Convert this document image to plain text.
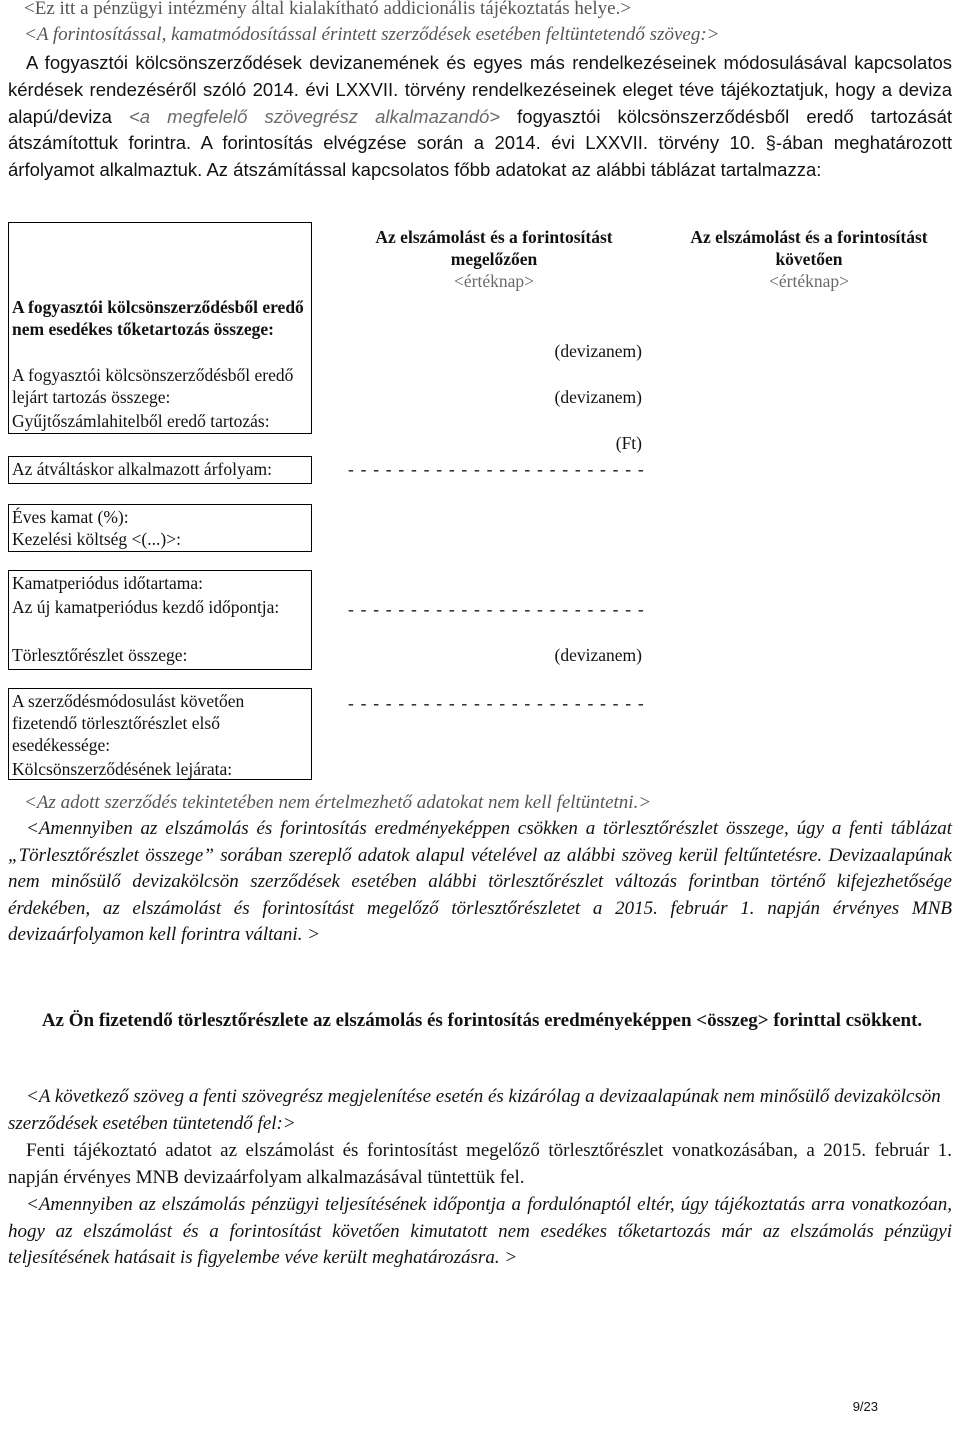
<Ez itt a pénzügyi intézmény által kialakítható addicionális tájékoztatás helye.>

<A forintosítással, kamatmódosítással érintett szerződések esetében feltüntetendő szöveg:>

A fogyasztói kölcsönszerződések devizanemének és egyes más rendelkezéseinek módosulásával kapcsolatos kérdések rendezéséről szóló 2014. évi LXXVII. törvény rendelkezéseinek eleget téve tájékoztatjuk, hogy a deviza alapú/deviza <a megfelelő szövegrész alkalmazandó> fogyasztói kölcsönszerződésből eredő tartozását átszámítottuk forintra. A forintosítás elvégzése során a 2014. évi LXXVII. törvény 10. §-ában meghatározott árfolyamot alkalmaztuk. Az átszámítással kapcsolatos főbb adatokat az alábbi táblázat tartalmazza:

Az elszámolást és a forintosítást megelőzően
<értéknap>
Az elszámolást és a forintosítást követően
<értéknap>
A fogyasztói kölcsönszerződésből eredő nem esedékes tőketartozás összege:
A fogyasztói kölcsönszerződésből eredő lejárt tartozás összege:
Gyűjtőszámlahitelből eredő tartozás:
Az átváltáskor alkalmazott árfolyam:
Éves kamat (%):
Kezelési költség <(...)>:
Kamatperiódus időtartama:
Az új kamatperiódus kezdő időpontja:
Törlesztőrészlet összege:
A szerződésmódosulást követően fizetendő törlesztőrészlet első esedékessége:
Kölcsönszerződésének lejárata:
(devizanem)
(devizanem)
(Ft)
- - - - - - - - - - - - - - - - - - - - - - - -
- - - - - - - - - - - - - - - - - - - - - - - -
(devizanem)
- - - - - - - - - - - - - - - - - - - - - - - -

<Az adott szerződés tekintetében nem értelmezhető adatokat nem kell feltüntetni.>

<Amennyiben az elszámolás és forintosítás eredményeképpen csökken a törlesztőrészlet összege, úgy a fenti táblázat „Törlesztőrészlet összege” sorában szereplő adatok alapul vételével az alábbi szöveg kerül feltűntetésre. Devizaalapúnak nem minősülő devizakölcsön szerződések esetében alábbi törlesztőrészlet változás forintban történő kifejezhetősége érdekében, az elszámolást és forintosítást megelőző törlesztőrészletet a 2015. február 1. napján érvényes MNB devizaárfolyamon kell forintra váltani. >

Az Ön fizetendő törlesztőrészlete az elszámolás és forintosítás eredményeképpen <összeg> forinttal csökkent.

<A következő szöveg a fenti szövegrész megjelenítése esetén és kizárólag a devizaalapúnak nem minősülő devizakölcsön szerződések esetében tüntetendő fel:>

Fenti tájékoztató adatot az elszámolást és forintosítást megelőző törlesztőrészlet vonatkozásában, a 2015. február 1. napján érvényes MNB devizaárfolyam alkalmazásával tüntettük fel.

<Amennyiben az elszámolás pénzügyi teljesítésének időpontja a fordulónaptól eltér, úgy tájékoztatás arra vonatkozóan, hogy az elszámolást és a forintosítást követően kimutatott nem esedékes tőketartozás már az elszámolás pénzügyi teljesítésének hatásait is figyelembe véve került meghatározásra. >

9/23
